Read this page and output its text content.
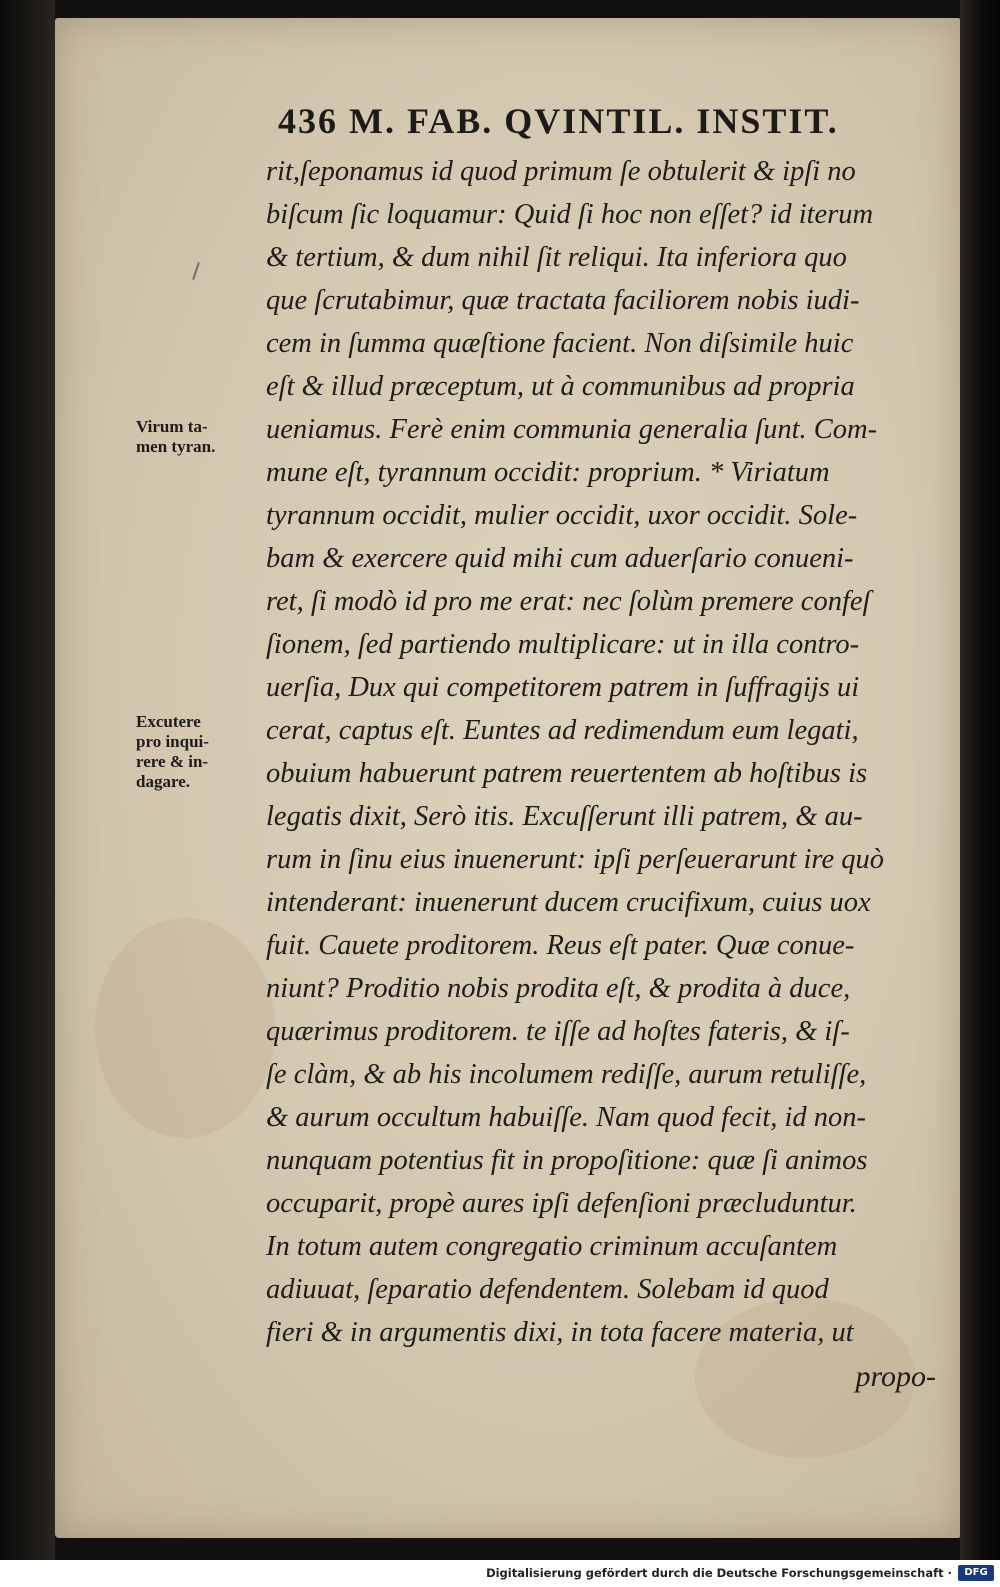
436 M. FAB. QVINTIL. INSTIT.
rit,ſeponamus id quod primum ſe obtulerit & ipſi no
biſcum ſic loquamur: Quid ſi hoc non eſſet? id iterum
& tertium, & dum nihil ſit reliqui. Ita inferiora quo
que ſcrutabimur, quæ tractata faciliorem nobis iudi-
cem in ſumma quæſtione facient. Non diſsimile huic
eſt & illud præceptum, ut à communibus ad propria
ueniamus. Ferè enim communia generalia ſunt. Com-
mune eſt, tyrannum occidit: proprium. * Viriatum
tyrannum occidit, mulier occidit, uxor occidit. Sole-
bam & exercere quid mihi cum aduerſario conueni-
ret, ſi modò id pro me erat: nec ſolùm premere confeſ
ſionem, ſed partiendo multiplicare: ut in illa contro-
uerſia, Dux qui competitorem patrem in ſuffragijs ui
cerat, captus eſt. Euntes ad redimendum eum legati,
obuium habuerunt patrem reuertentem ab hoſtibus is
legatis dixit, Serò itis. Excuſſerunt illi patrem, & au-
rum in ſinu eius inuenerunt: ipſi perſeuerarunt ire quò
intenderant: inuenerunt ducem crucifixum, cuius uox
fuit. Cauete proditorem. Reus eſt pater. Quæ conue-
niunt? Proditio nobis prodita eſt, & prodita à duce,
quærimus proditorem. te iſſe ad hoſtes fateris, & iſ-
ſe clàm, & ab his incolumem rediſſe, aurum retuliſſe,
& aurum occultum habuiſſe. Nam quod fecit, id non-
nunquam potentius fit in propoſitione: quæ ſi animos
occuparit, propè aures ipſi defenſioni præcluduntur.
In totum autem congregatio criminum accuſantem
adiuuat, ſeparatio defendentem. Solebam id quod
fieri & in argumentis dixi, in tota facere materia, ut
propo-
Virum ta-
men tyran.
Excutere
pro inqui-
rere & in-
dagare.
Digitalisierung gefördert durch die Deutsche Forschungsgemeinschaft ·	DFG
